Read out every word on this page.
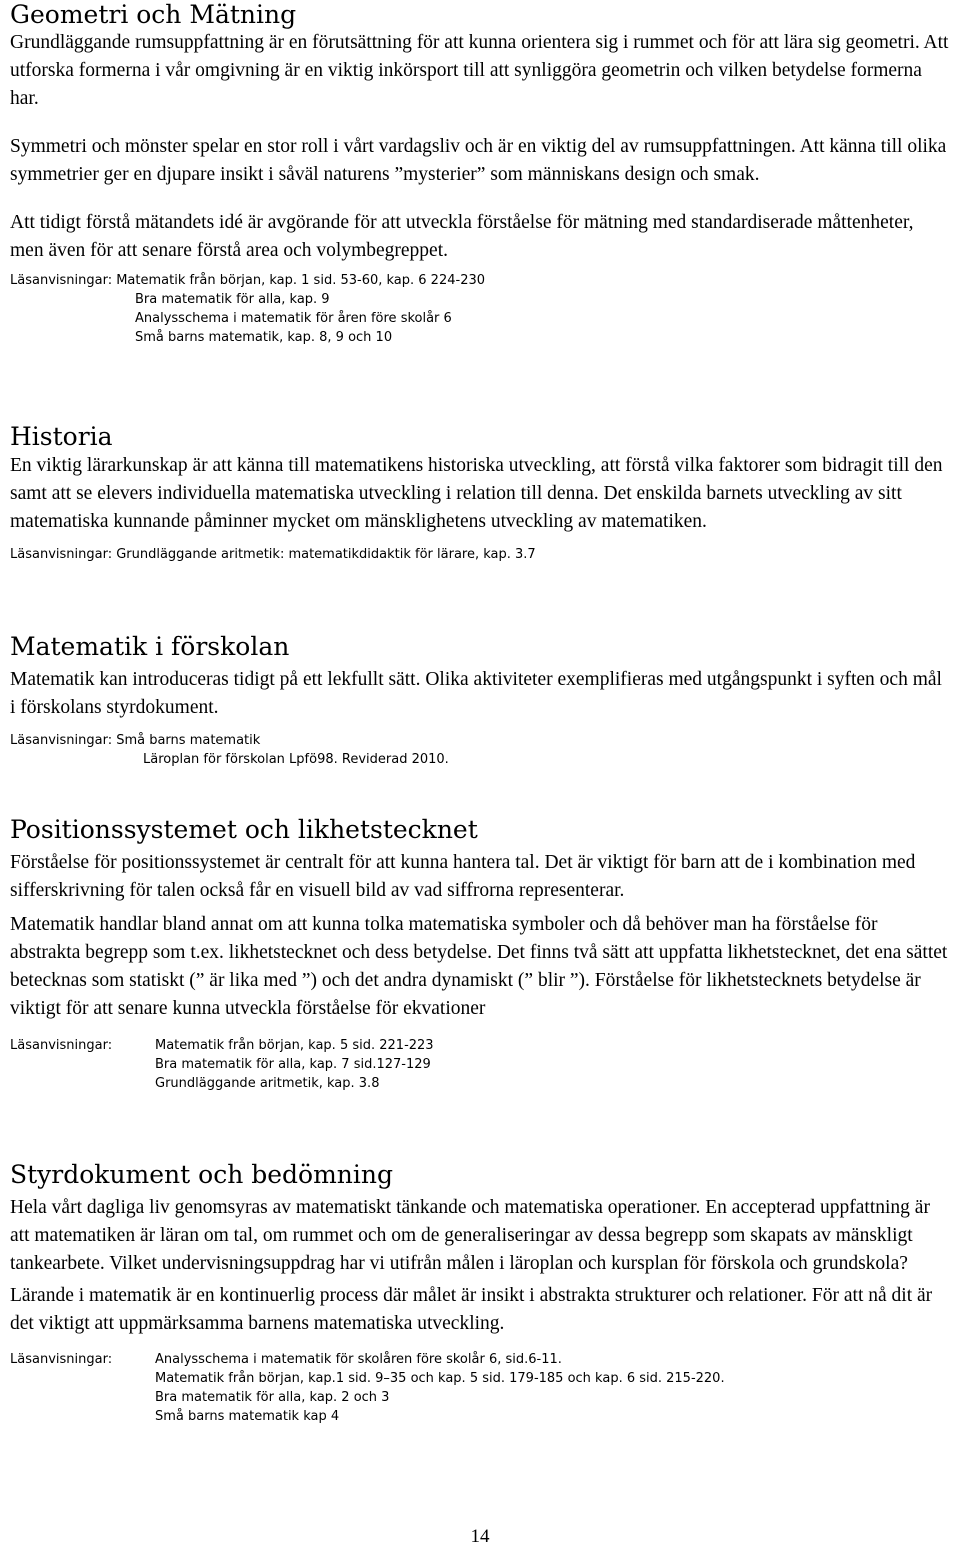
Geometri och Mätning

Grundläggande rumsuppfattning är en förutsättning för att kunna orientera sig i rummet och för att lära sig geometri. Att utforska formerna i vår omgivning är en viktig inkörsport till att synliggöra geometrin och vilken betydelse formerna har.

Symmetri och mönster spelar en stor roll i vårt vardagsliv och är en viktig del av rumsuppfattningen. Att känna till olika symmetrier ger en djupare insikt i såväl naturens ”mysterier” som människans design och smak.

Att tidigt förstå mätandets idé är avgörande för att utveckla förståelse för mätning med standardiserade måttenheter, men även för att senare förstå area och volymbegreppet.

Läsanvisningar: Matematik från början, kap. 1 sid. 53-60, kap. 6 224-230
Bra matematik för alla, kap. 9
Analysschema i matematik för åren före skolår 6
Små barns matematik, kap. 8, 9 och 10
Historia

En viktig lärarkunskap är att känna till matematikens historiska utveckling, att förstå vilka faktorer som bidragit till den samt att se elevers individuella matematiska utveckling i relation till denna. Det enskilda barnets utveckling av sitt matematiska kunnande påminner mycket om mänsklighetens utveckling av matematiken.

Läsanvisningar: Grundläggande aritmetik: matematikdidaktik för lärare, kap. 3.7
Matematik i förskolan

Matematik kan introduceras tidigt på ett lekfullt sätt. Olika aktiviteter exemplifieras med utgångspunkt i syften och mål i förskolans styrdokument.

Läsanvisningar: Små barns matematik
Läroplan för förskolan Lpfö98. Reviderad 2010.
Positionssystemet och likhetstecknet

Förståelse för positionssystemet är centralt för att kunna hantera tal. Det är viktigt för barn att de i kombination med sifferskrivning för talen också får en visuell bild av vad siffrorna representerar.

Matematik handlar bland annat om att kunna tolka matematiska symboler och då behöver man ha förståelse för abstrakta begrepp som t.ex. likhetstecknet och dess betydelse. Det finns två sätt att uppfatta likhetstecknet, det ena sättet betecknas som statiskt (” är lika med ”) och det andra dynamiskt (” blir ”). Förståelse för likhetstecknets betydelse är viktigt för att senare kunna utveckla förståelse för ekvationer

Läsanvisningar:	Matematik från början, kap. 5 sid. 221-223
Bra matematik för alla, kap. 7 sid.127-129
Grundläggande aritmetik, kap. 3.8
Styrdokument och bedömning

Hela vårt dagliga liv genomsyras av matematiskt tänkande och matematiska operationer. En accepterad uppfattning är att matematiken är läran om tal, om rummet och om de generaliseringar av dessa begrepp som skapats av mänskligt tankearbete. Vilket undervisningsuppdrag har vi utifrån målen i läroplan och kursplan för förskola och grundskola?

Lärande i matematik är en kontinuerlig process där målet är insikt i abstrakta strukturer och relationer. För att nå dit är det viktigt att uppmärksamma barnens matematiska utveckling.

Läsanvisningar:	Analysschema i matematik för skolåren före skolår 6, sid.6-11.
Matematik från början, kap.1 sid. 9–35 och kap. 5 sid. 179-185 och kap. 6 sid. 215-220.
Bra matematik för alla, kap. 2 och 3
Små barns matematik kap 4
14
